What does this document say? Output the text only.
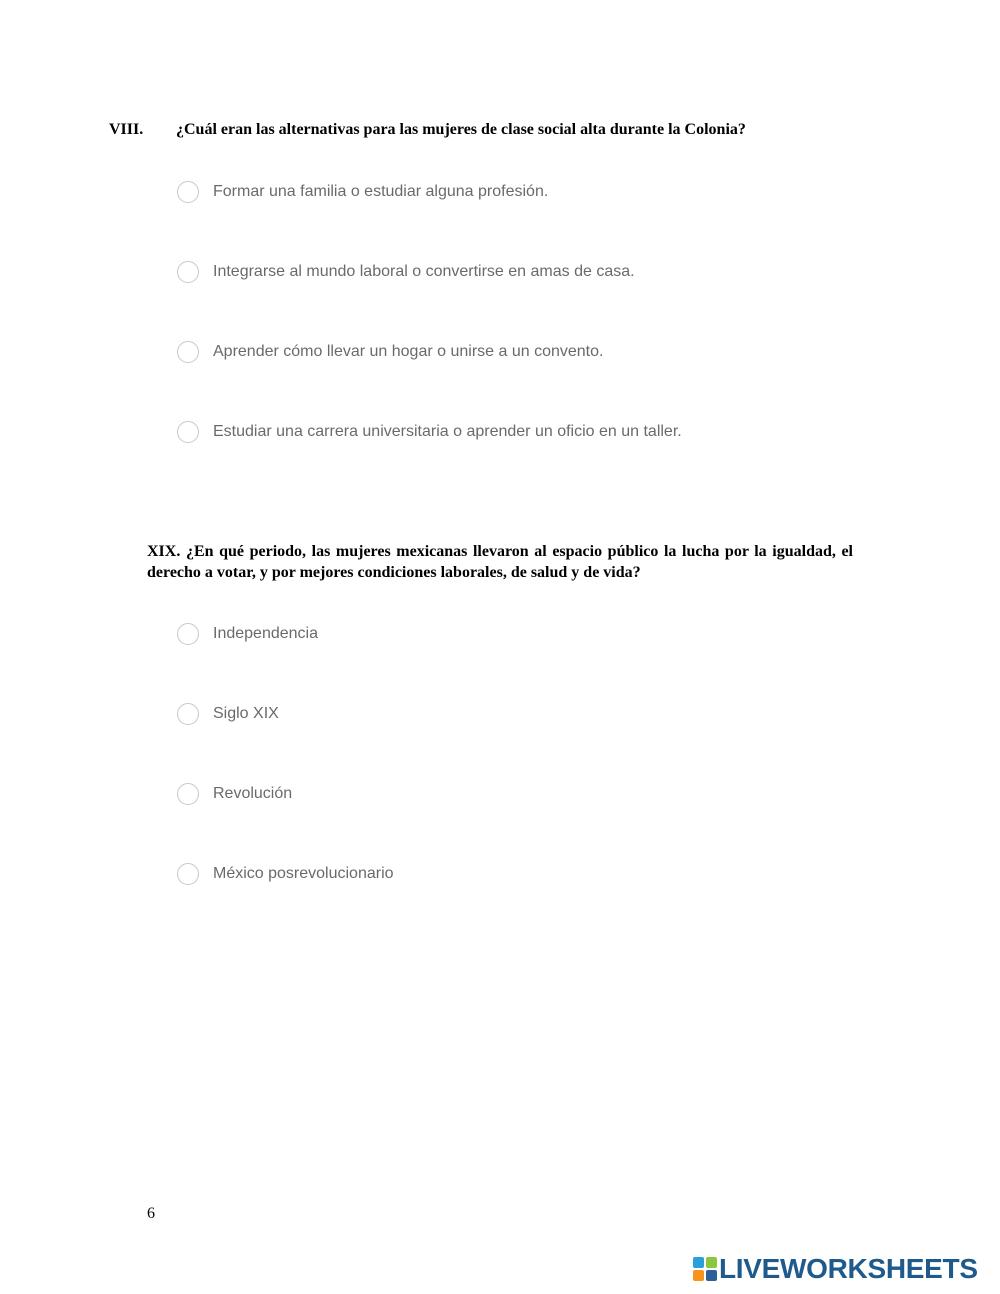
VIII. ¿Cuál eran las alternativas para las mujeres de clase social alta durante la Colonia?
Formar una familia o estudiar alguna profesión.
Integrarse al mundo laboral o convertirse en amas de casa.
Aprender cómo llevar un hogar o unirse a un convento.
Estudiar una carrera universitaria o aprender un oficio en un taller.
XIX. ¿En qué periodo, las mujeres mexicanas llevaron al espacio público la lucha por la igualdad, el derecho a votar, y por mejores condiciones laborales, de salud y de vida?
Independencia
Siglo XIX
Revolución
México posrevolucionario
6
LIVEWORKSHEETS
